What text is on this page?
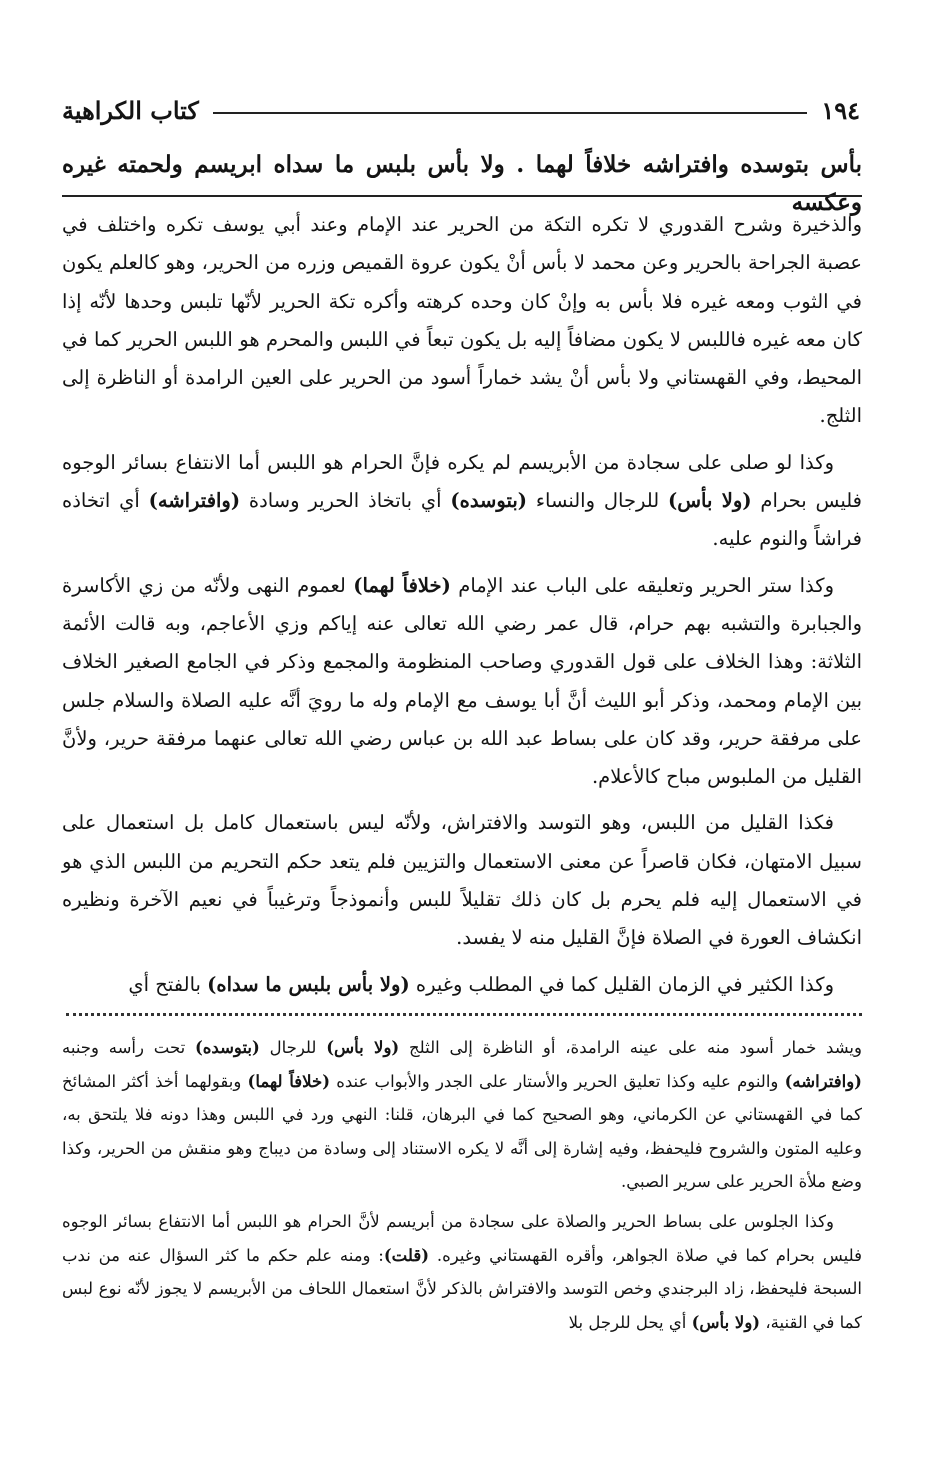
١٩٤
كتاب الكراهية
بأس بتوسده وافتراشه خلافاً لهما . ولا بأس بلبس ما سداه ابريسم ولحمته غيره وعكسه

والذخيرة وشرح القدوري لا تكره التكة من الحرير عند الإمام وعند أبي يوسف تكره واختلف في عصبة الجراحة بالحرير وعن محمد لا بأس أنْ يكون عروة القميص وزره من الحرير، وهو كالعلم يكون في الثوب ومعه غيره فلا بأس به وإنْ كان وحده كرهته وأكره تكة الحرير لأنّها تلبس وحدها لأنّه إذا كان معه غيره فاللبس لا يكون مضافاً إليه بل يكون تبعاً في اللبس والمحرم هو اللبس الحرير كما في المحيط، وفي القهستاني ولا بأس أنْ يشد خماراً أسود من الحرير على العين الرامدة أو الناظرة إلى الثلج.

وكذا لو صلى على سجادة من الأبريسم لم يكره فإنَّ الحرام هو اللبس أما الانتفاع بسائر الوجوه فليس بحرام (ولا بأس) للرجال والنساء (بتوسده) أي باتخاذ الحرير وسادة (وافتراشه) أي اتخاذه فراشاً والنوم عليه.

وكذا ستر الحرير وتعليقه على الباب عند الإمام (خلافاً لهما) لعموم النهى ولأنّه من زي الأكاسرة والجبابرة والتشبه بهم حرام، قال عمر رضي الله تعالى عنه إياكم وزي الأعاجم، وبه قالت الأئمة الثلاثة: وهذا الخلاف على قول القدوري وصاحب المنظومة والمجمع وذكر في الجامع الصغير الخلاف بين الإمام ومحمد، وذكر أبو الليث أنَّ أبا يوسف مع الإمام وله ما رويَ أنَّه عليه الصلاة والسلام جلس على مرفقة حرير، وقد كان على بساط عبد الله بن عباس رضي الله تعالى عنهما مرفقة حرير، ولأنَّ القليل من الملبوس مباح كالأعلام.

فكذا القليل من اللبس، وهو التوسد والافتراش، ولأنّه ليس باستعمال كامل بل استعمال على سبيل الامتهان، فكان قاصراً عن معنى الاستعمال والتزيين فلم يتعد حكم التحريم من اللبس الذي هو في الاستعمال إليه فلم يحرم بل كان ذلك تقليلاً للبس وأنموذجاً وترغيباً في نعيم الآخرة ونظيره انكشاف العورة في الصلاة فإنَّ القليل منه لا يفسد.

وكذا الكثير في الزمان القليل كما في المطلب وغيره (ولا بأس بلبس ما سداه) بالفتح أي

ويشد خمار أسود منه على عينه الرامدة، أو الناظرة إلى الثلج (ولا بأس) للرجال (بتوسده) تحت رأسه وجنبه (وافتراشه) والنوم عليه وكذا تعليق الحرير والأستار على الجدر والأبواب عنده (خلافاً لهما) وبقولهما أخذ أكثر المشائخ كما في القهستاني عن الكرماني، وهو الصحيح كما في البرهان، قلنا: النهي ورد في اللبس وهذا دونه فلا يلتحق به، وعليه المتون والشروح فليحفظ، وفيه إشارة إلى أنَّه لا يكره الاستناد إلى وسادة من ديباج وهو منقش من الحرير، وكذا وضع ملأة الحرير على سرير الصبي.

وكذا الجلوس على بساط الحرير والصلاة على سجادة من أبريسم لأنَّ الحرام هو اللبس أما الانتفاع بسائر الوجوه فليس بحرام كما في صلاة الجواهر، وأقره القهستاني وغيره. (قلت): ومنه علم حكم ما كثر السؤال عنه من ندب السبحة فليحفظ، زاد البرجندي وخص التوسد والافتراش بالذكر لأنَّ استعمال اللحاف من الأبريسم لا يجوز لأنّه نوع لبس كما في القنية، (ولا بأس) أي يحل للرجل بلا
